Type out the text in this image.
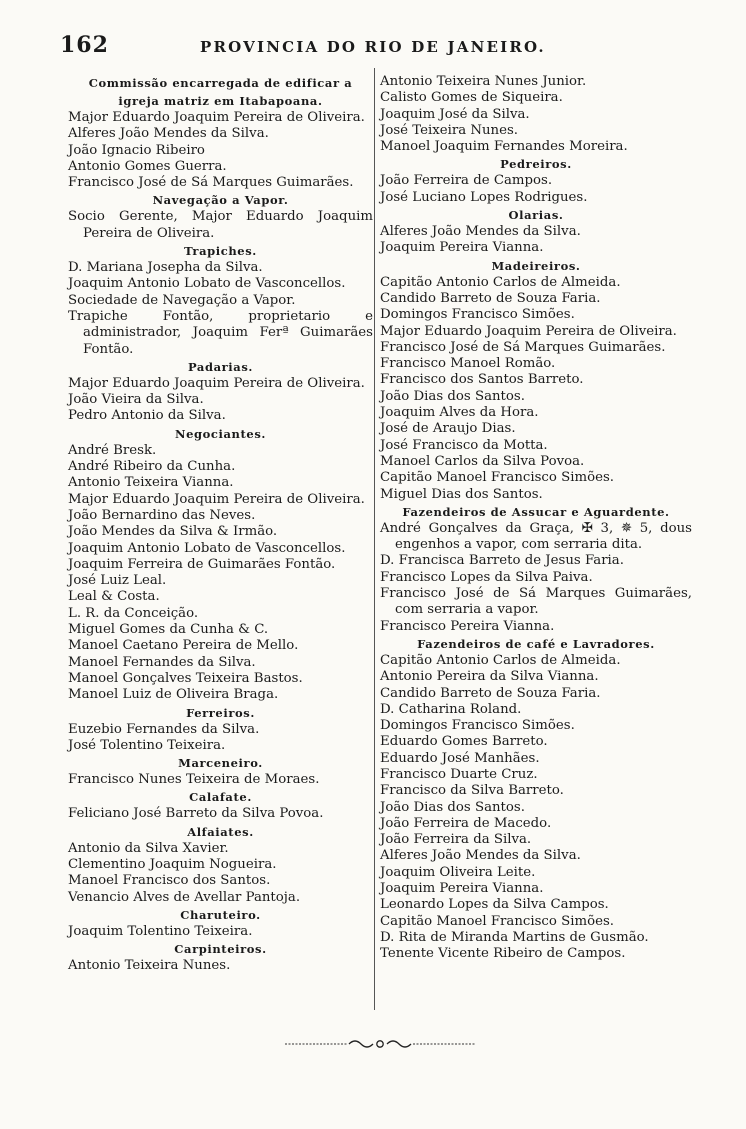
162	PROVINCIA DO RIO DE JANEIRO.
Commissão encarregada de edificar a igreja matriz em Itabapoana.
Major Eduardo Joaquim Pereira de Oliveira.
Alferes João Mendes da Silva.
João Ignacio Ribeiro
Antonio Gomes Guerra.
Francisco José de Sá Marques Guimarães.
Navegação a Vapor.
Socio Gerente, Major Eduardo Joaquim Pereira de Oliveira.
Trapiches.
D. Mariana Josepha da Silva.
Joaquim Antonio Lobato de Vasconcellos.
Sociedade de Navegação a Vapor.
Trapiche Fontão, proprietario e administrador, Joaquim Ferª Guimarães Fontão.
Padarias.
Major Eduardo Joaquim Pereira de Oliveira.
João Vieira da Silva.
Pedro Antonio da Silva.
Negociantes.
André Bresk.
André Ribeiro da Cunha.
Antonio Teixeira Vianna.
Major Eduardo Joaquim Pereira de Oliveira.
João Bernardino das Neves.
João Mendes da Silva & Irmão.
Joaquim Antonio Lobato de Vasconcellos.
Joaquim Ferreira de Guimarães Fontão.
José Luiz Leal.
Leal & Costa.
L. R. da Conceição.
Miguel Gomes da Cunha & C.
Manoel Caetano Pereira de Mello.
Manoel Fernandes da Silva.
Manoel Gonçalves Teixeira Bastos.
Manoel Luiz de Oliveira Braga.
Ferreiros.
Euzebio Fernandes da Silva.
José Tolentino Teixeira.
Marceneiro.
Francisco Nunes Teixeira de Moraes.
Calafate.
Feliciano José Barreto da Silva Povoa.
Alfaiates.
Antonio da Silva Xavier.
Clementino Joaquim Nogueira.
Manoel Francisco dos Santos.
Venancio Alves de Avellar Pantoja.
Charuteiro.
Joaquim Tolentino Teixeira.
Carpinteiros.
Antonio Teixeira Nunes.
Antonio Teixeira Nunes Junior.
Calisto Gomes de Siqueira.
Joaquim José da Silva.
José Teixeira Nunes.
Manoel Joaquim Fernandes Moreira.
Pedreiros.
João Ferreira de Campos.
José Luciano Lopes Rodrigues.
Olarias.
Alferes João Mendes da Silva.
Joaquim Pereira Vianna.
Madeireiros.
Capitão Antonio Carlos de Almeida.
Candido Barreto de Souza Faria.
Domingos Francisco Simões.
Major Eduardo Joaquim Pereira de Oliveira.
Francisco José de Sá Marques Guimarães.
Francisco Manoel Romão.
Francisco dos Santos Barreto.
João Dias dos Santos.
Joaquim Alves da Hora.
José de Araujo Dias.
José Francisco da Motta.
Manoel Carlos da Silva Povoa.
Capitão Manoel Francisco Simões.
Miguel Dias dos Santos.
Fazendeiros de Assucar e Aguardente.
André Gonçalves da Graça, ✠ 3, ✵ 5, dous engenhos a vapor, com serraria dita.
D. Francisca Barreto de Jesus Faria.
Francisco Lopes da Silva Paiva.
Francisco José de Sá Marques Guimarães, com serraria a vapor.
Francisco Pereira Vianna.
Fazendeiros de café e Lavradores.
Capitão Antonio Carlos de Almeida.
Antonio Pereira da Silva Vianna.
Candido Barreto de Souza Faria.
D. Catharina Roland.
Domingos Francisco Simões.
Eduardo Gomes Barreto.
Eduardo José Manhães.
Francisco Duarte Cruz.
Francisco da Silva Barreto.
João Dias dos Santos.
João Ferreira de Macedo.
João Ferreira da Silva.
Alferes João Mendes da Silva.
Joaquim Oliveira Leite.
Joaquim Pereira Vianna.
Leonardo Lopes da Silva Campos.
Capitão Manoel Francisco Simões.
D. Rita de Miranda Martins de Gusmão.
Tenente Vicente Ribeiro de Campos.
